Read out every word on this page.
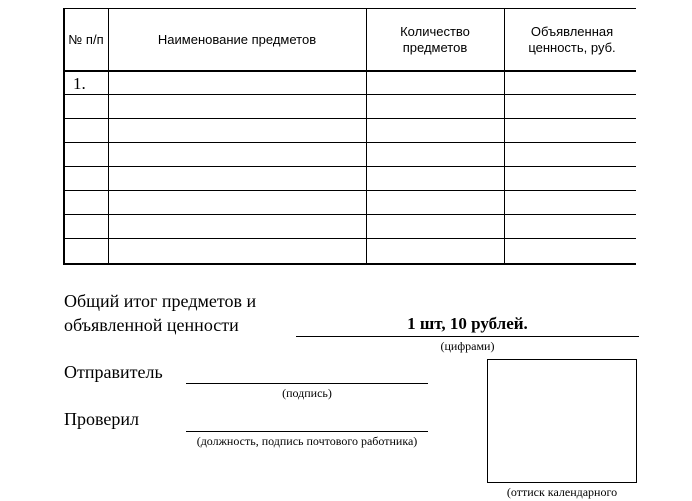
№ п/п	Наименование предметов
Количество предметов
Объявленная ценность, руб.
1.
Общий итог предметов и объявленной ценности	1 шт, 10 рублей.
(цифрами)
Отправитель
(подпись)
Проверил
(должность, подпись почтового работника)
(оттиск календарного
